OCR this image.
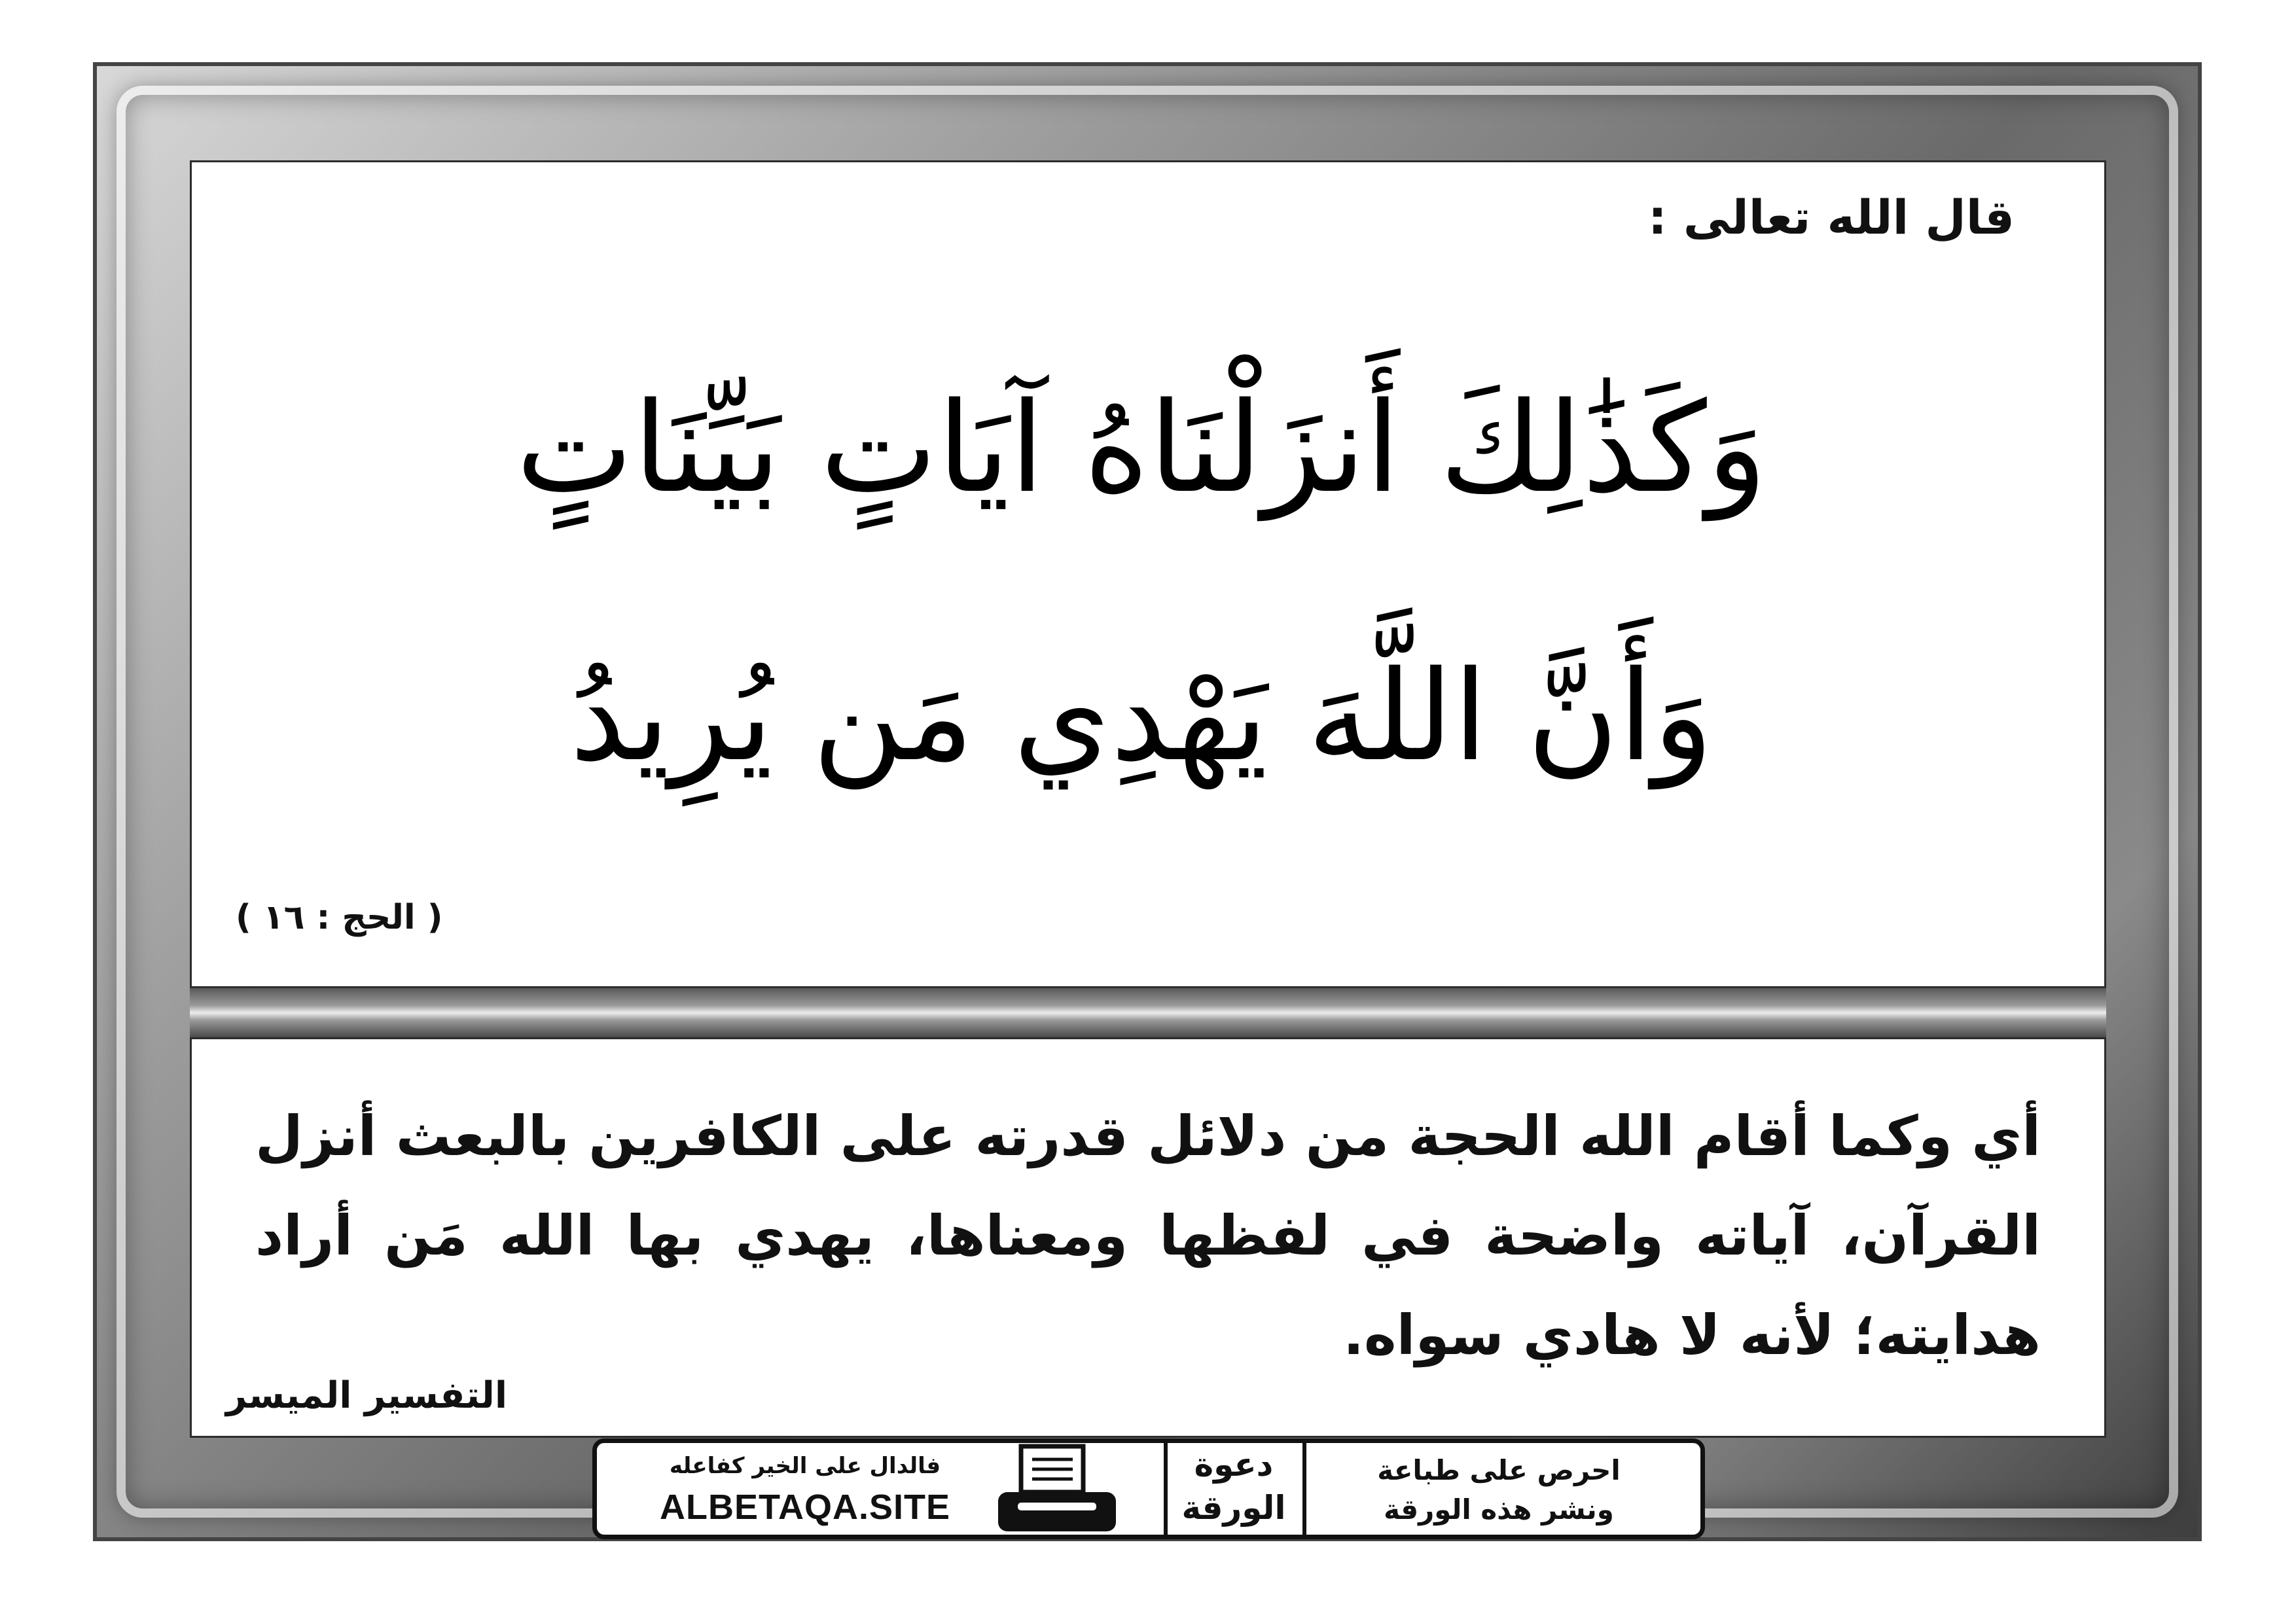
قال الله تعالى :
وَكَذَٰلِكَ أَنزَلْنَاهُ آيَاتٍ بَيِّنَاتٍ
وَأَنَّ اللَّهَ يَهْدِي مَن يُرِيدُ
( الحج : ١٦ )
أي وكما أقام الله الحجة من دلائل قدرته على الكافرين بالبعث أنزل القرآن، آياته واضحة في لفظها ومعناها، يهدي بها الله مَن أراد هدايته؛ لأنه لا هادي سواه.
التفسير الميسر
فالدال على الخير كفاعله
ALBETAQA.SITE
دعوة الورقة
احرص على طباعة
ونشر هذه الورقة
